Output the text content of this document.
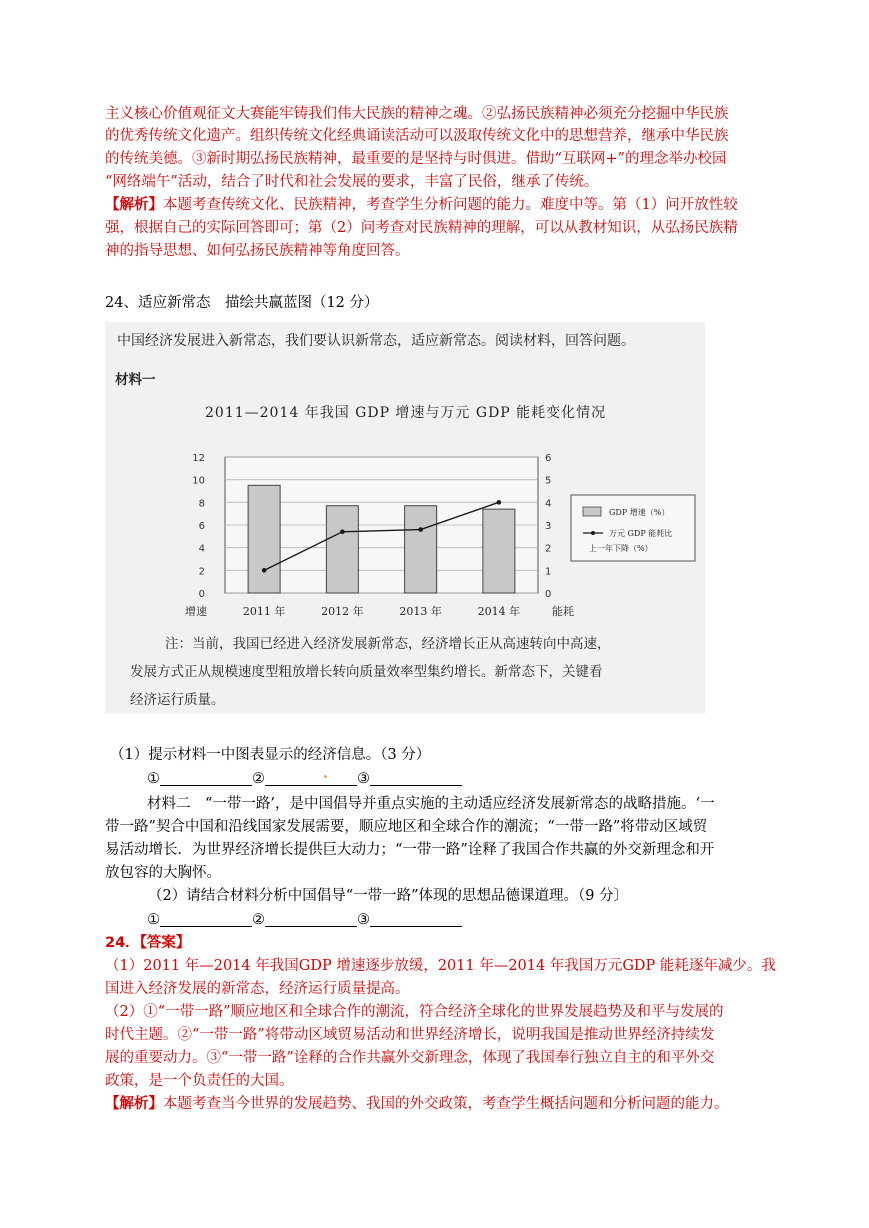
主义核心价值观征文大赛能牢铸我们伟大民族的精神之魂。②弘扬民族精神必须充分挖掘中华民族
的优秀传统文化遗产。组织传统文化经典诵读活动可以汲取传统文化中的思想营养，继承中华民族
的传统美德。③新时期弘扬民族精神，最重要的是坚持与时俱进。借助“互联网+”的理念举办校园
“网络端午”活动，结合了时代和社会发展的要求，丰富了民俗，继承了传统。
【解析】本题考查传统文化、民族精神，考查学生分析问题的能力。难度中等。第（1）问开放性较
强，根据自己的实际回答即可；第（2）问考查对民族精神的理解，可以从教材知识，从弘扬民族精
神的指导思想、如何弘扬民族精神等角度回答。
24、适应新常态　描绘共赢蓝图（12 分）
中国经济发展进入新常态，我们要认识新常态，适应新常态。阅读材料，回答问题。
材料一
2011—2014 年我国 GDP 增速与万元 GDP 能耗变化情况
0
2
4
6
8
10
12
0
1
2
3
4
5
6
2011 年	2012 年	2013 年	2014 年
增速	能耗
GDP 增速（%）
万元 GDP 能耗比
上一年下降（%）
注：当前，我国已经进入经济发展新常态，经济增长正从高速转向中高速，
发展方式正从规模速度型粗放增长转向质量效率型集约增长。新常态下，关键看
经济运行质量。
（1）提示材料一中图表显示的经济信息。（3 分）
①	②	. ③
材料二　“一带一路’，是中国倡导并重点实施的主动适应经济发展新常态的战略措施。‘一
带一路”契合中国和沿线国家发展需要，顺应地区和全球合作的潮流；“一带一路”将带动区域贸
易活动增长．为世界经济增长提供巨大动力；“一带一路”诠释了我国合作共赢的外交新理念和开
放包容的大胸怀。
（2）请结合材料分析中国倡导“一带一路”体现的思想品德课道理。（9 分〕
①	②	③
24．【答案】
（1）2011 年—2014 年我国GDP 增速逐步放缓，2011 年—2014 年我国万元GDP 能耗逐年减少。我
国进入经济发展的新常态，经济运行质量提高。
（2）①“一带一路”顺应地区和全球合作的潮流，符合经济全球化的世界发展趋势及和平与发展的
时代主题。②“一带一路”将带动区域贸易活动和世界经济增长，说明我国是推动世界经济持续发
展的重要动力。③“一带一路”诠释的合作共赢外交新理念，体现了我国奉行独立自主的和平外交
政策，是一个负责任的大国。
【解析】本题考查当今世界的发展趋势、我国的外交政策，考查学生概括问题和分析问题的能力。
